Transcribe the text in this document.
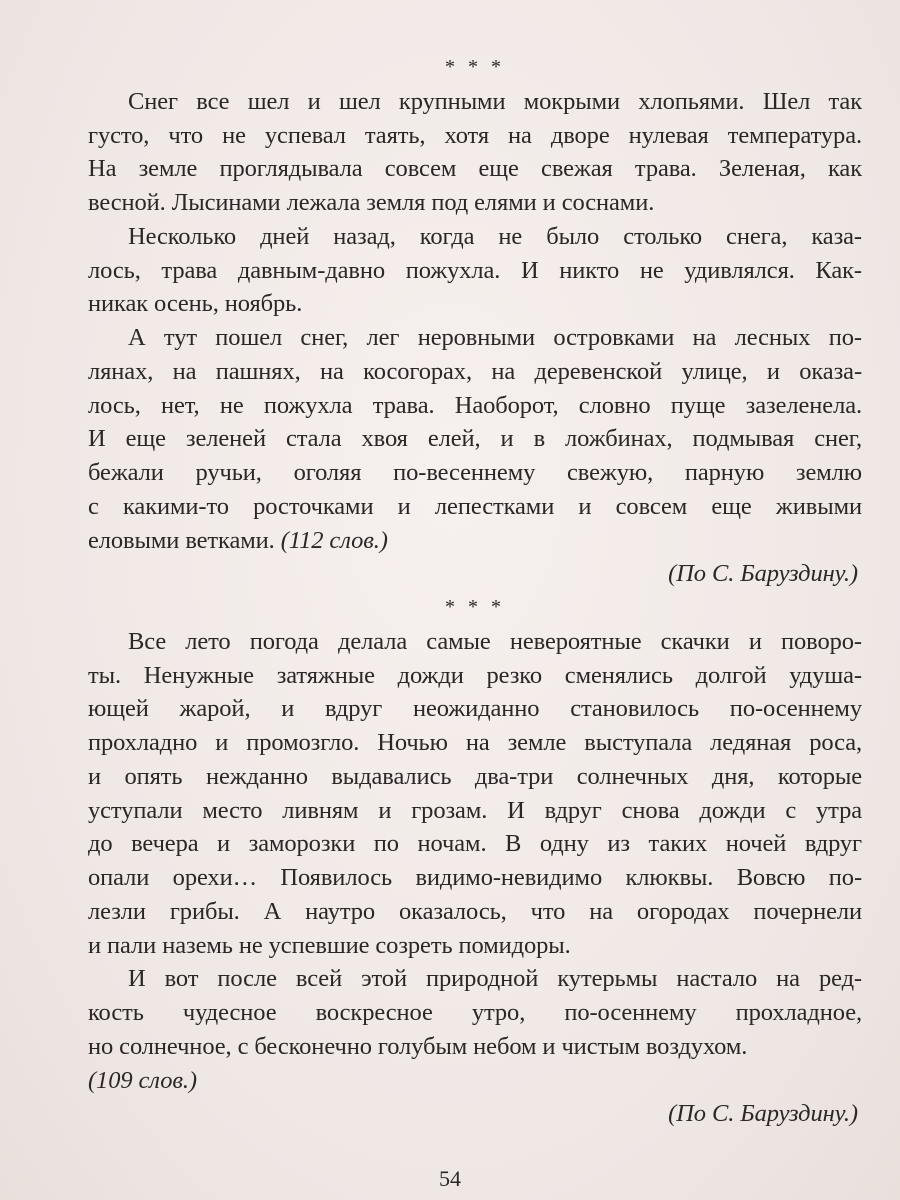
* * *
Снег все шел и шел крупными мокрыми хлопьями. Шел так
густо, что не успевал таять, хотя на дворе нулевая температура.
На земле проглядывала совсем еще свежая трава. Зеленая, как
весной. Лысинами лежала земля под елями и соснами.
Несколько дней назад, когда не было столько снега, каза-
лось, трава давным-давно пожухла. И никто не удивлялся. Как-
никак осень, ноябрь.
А тут пошел снег, лег неровными островками на лесных по-
лянах, на пашнях, на косогорах, на деревенской улице, и оказа-
лось, нет, не пожухла трава. Наоборот, словно пуще зазеленела.
И еще зеленей стала хвоя елей, и в ложбинах, подмывая снег,
бежали ручьи, оголяя по-весеннему свежую, парную землю
с какими-то росточками и лепестками и совсем еще живыми
еловыми ветками. (112 слов.)
(По С. Баруздину.)
* * *
Все лето погода делала самые невероятные скачки и поворо-
ты. Ненужные затяжные дожди резко сменялись долгой удуша-
ющей жарой, и вдруг неожиданно становилось по-осеннему
прохладно и промозгло. Ночью на земле выступала ледяная роса,
и опять нежданно выдавались два-три солнечных дня, которые
уступали место ливням и грозам. И вдруг снова дожди с утра
до вечера и заморозки по ночам. В одну из таких ночей вдруг
опали орехи… Появилось видимо-невидимо клюквы. Вовсю по-
лезли грибы. А наутро оказалось, что на огородах почернели
и пали наземь не успевшие созреть помидоры.
И вот после всей этой природной кутерьмы настало на ред-
кость чудесное воскресное утро, по-осеннему прохладное,
но солнечное, с бесконечно голубым небом и чистым воздухом.
(109 слов.)
(По С. Баруздину.)
54
